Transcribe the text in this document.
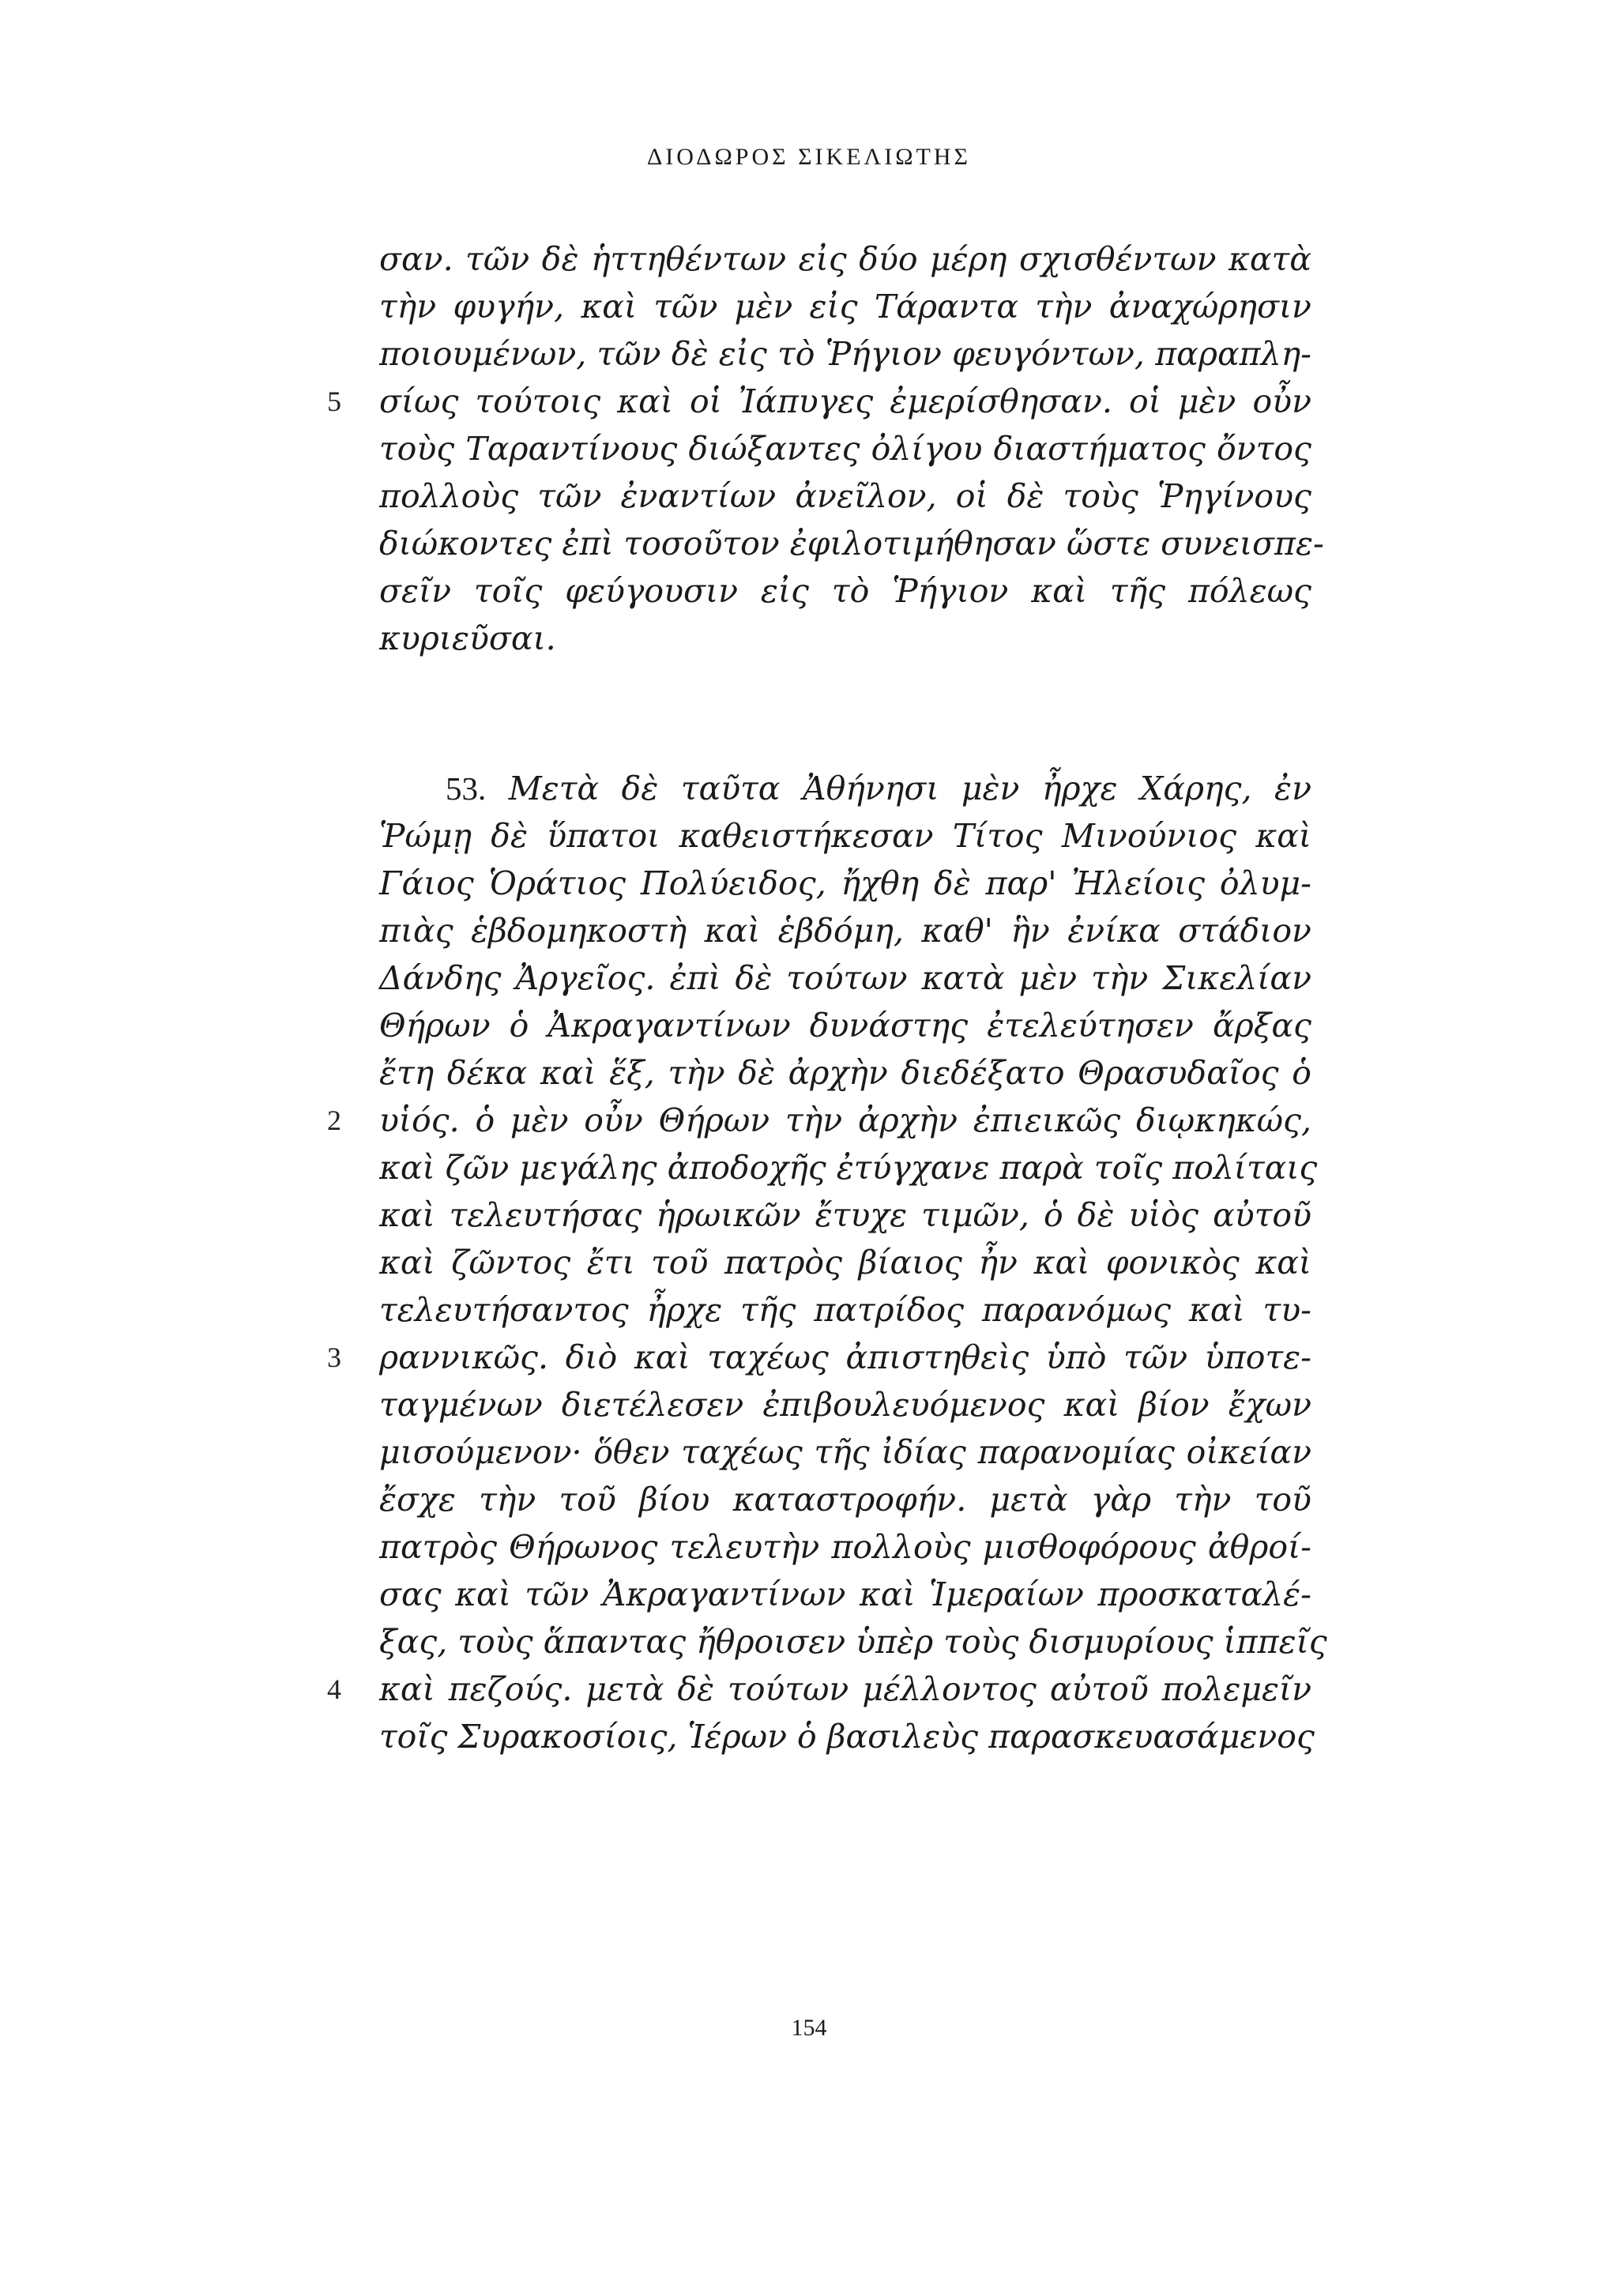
ΔΙΟΔΩΡΟΣ ΣΙΚΕΛΙΩΤΗΣ
σαν. τῶν δὲ ἡττηθέντων εἰς δύο μέρη σχισθέντων κατὰ
τὴν φυγήν, καὶ τῶν μὲν εἰς Τάραντα τὴν ἀναχώρησιν
ποιουμένων, τῶν δὲ εἰς τὸ Ῥήγιον φευγόντων, παραπλη-
5 σίως τούτοις καὶ οἱ Ἰάπυγες ἐμερίσθησαν. οἱ μὲν οὖν
τοὺς Ταραντίνους διώξαντες ὀλίγου διαστήματος ὄντος
πολλοὺς τῶν ἐναντίων ἀνεῖλον, οἱ δὲ τοὺς Ῥηγίνους
διώκοντες ἐπὶ τοσοῦτον ἐφιλοτιμήθησαν ὥστε συνεισπε-
σεῖν τοῖς φεύγουσιν εἰς τὸ Ῥήγιον καὶ τῆς πόλεως
κυριεῦσαι.
53. Μετὰ δὲ ταῦτα Ἀθήνησι μὲν ἦρχε Χάρης, ἐν
Ῥώμῃ δὲ ὕπατοι καθειστήκεσαν Τίτος Μινούνιος καὶ
Γάιος Ὁράτιος Πολύειδος, ἤχθη δὲ παρ' Ἠλείοις ὀλυμ-
πιὰς ἑβδομηκοστὴ καὶ ἑβδόμη, καθ' ἣν ἐνίκα στάδιον
Δάνδης Ἀργεῖος. ἐπὶ δὲ τούτων κατὰ μὲν τὴν Σικελίαν
Θήρων ὁ Ἀκραγαντίνων δυνάστης ἐτελεύτησεν ἄρξας
ἔτη δέκα καὶ ἕξ, τὴν δὲ ἀρχὴν διεδέξατο Θρασυδαῖος ὁ
2 υἱός. ὁ μὲν οὖν Θήρων τὴν ἀρχὴν ἐπιεικῶς διῳκηκώς,
καὶ ζῶν μεγάλης ἀποδοχῆς ἐτύγχανε παρὰ τοῖς πολίταις
καὶ τελευτήσας ἡρωικῶν ἔτυχε τιμῶν, ὁ δὲ υἱὸς αὐτοῦ
καὶ ζῶντος ἔτι τοῦ πατρὸς βίαιος ἦν καὶ φονικὸς καὶ
τελευτήσαντος ἦρχε τῆς πατρίδος παρανόμως καὶ τυ-
3 ραννικῶς. διὸ καὶ ταχέως ἀπιστηθεὶς ὑπὸ τῶν ὑποτε-
ταγμένων διετέλεσεν ἐπιβουλευόμενος καὶ βίον ἔχων
μισούμενον· ὅθεν ταχέως τῆς ἰδίας παρανομίας οἰκείαν
ἔσχε τὴν τοῦ βίου καταστροφήν. μετὰ γὰρ τὴν τοῦ
πατρὸς Θήρωνος τελευτὴν πολλοὺς μισθοφόρους ἀθροί-
σας καὶ τῶν Ἀκραγαντίνων καὶ Ἱμεραίων προσκαταλέ-
ξας, τοὺς ἅπαντας ἤθροισεν ὑπὲρ τοὺς δισμυρίους ἱππεῖς
4 καὶ πεζούς. μετὰ δὲ τούτων μέλλοντος αὐτοῦ πολεμεῖν
τοῖς Συρακοσίοις, Ἱέρων ὁ βασιλεὺς παρασκευασάμενος
154
